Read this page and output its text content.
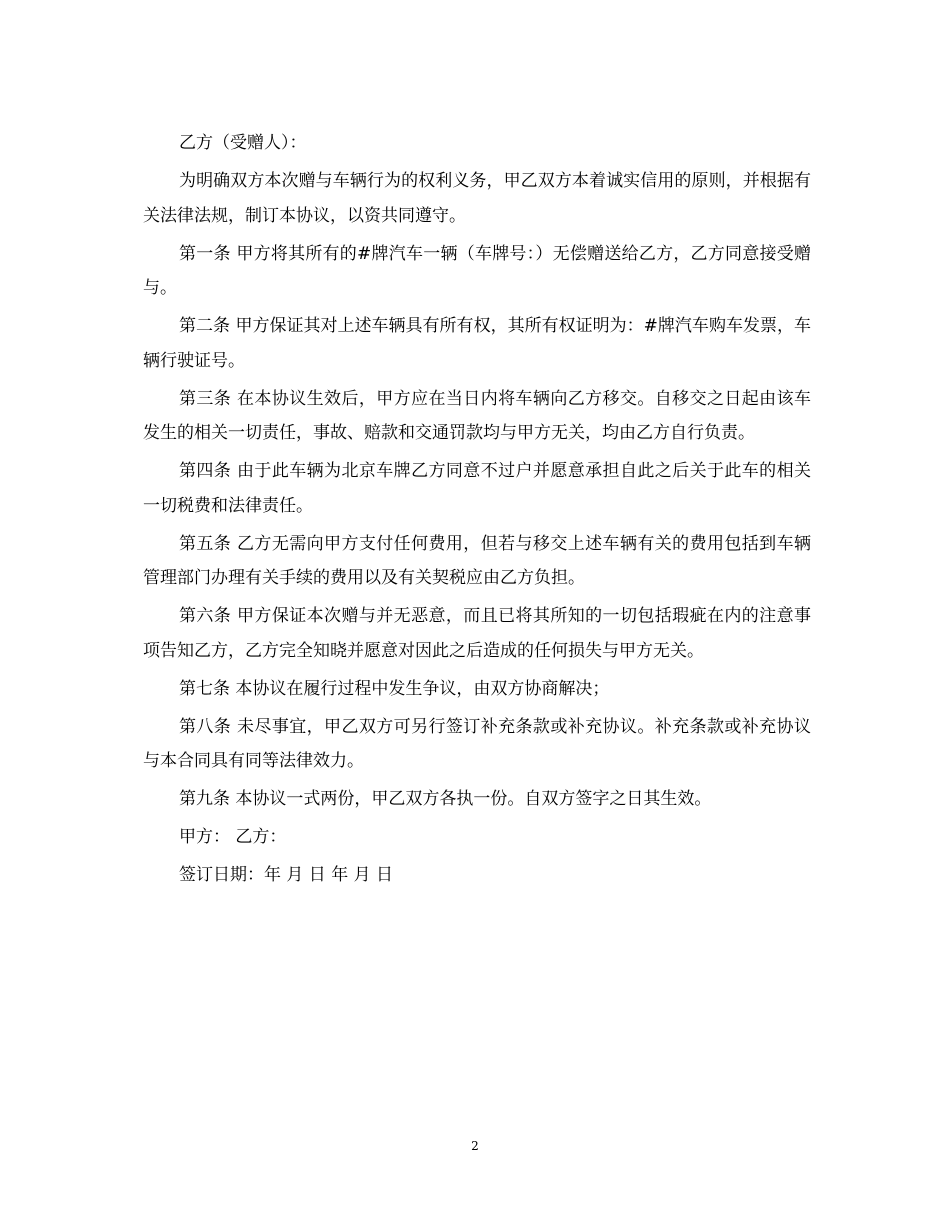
乙方（受赠人）：

为明确双方本次赠与车辆行为的权利义务，甲乙双方本着诚实信用的原则，并根据有关法律法规，制订本协议，以资共同遵守。

第一条 甲方将其所有的#牌汽车一辆（车牌号：）无偿赠送给乙方，乙方同意接受赠与。

第二条 甲方保证其对上述车辆具有所有权，其所有权证明为：#牌汽车购车发票，车辆行驶证号。

第三条 在本协议生效后，甲方应在当日内将车辆向乙方移交。自移交之日起由该车发生的相关一切责任，事故、赔款和交通罚款均与甲方无关，均由乙方自行负责。

第四条 由于此车辆为北京车牌乙方同意不过户并愿意承担自此之后关于此车的相关一切税费和法律责任。

第五条 乙方无需向甲方支付任何费用，但若与移交上述车辆有关的费用包括到车辆管理部门办理有关手续的费用以及有关契税应由乙方负担。

第六条 甲方保证本次赠与并无恶意，而且已将其所知的一切包括瑕疵在内的注意事项告知乙方，乙方完全知晓并愿意对因此之后造成的任何损失与甲方无关。

第七条 本协议在履行过程中发生争议，由双方协商解决；

第八条 未尽事宜，甲乙双方可另行签订补充条款或补充协议。补充条款或补充协议与本合同具有同等法律效力。

第九条 本协议一式两份，甲乙双方各执一份。自双方签字之日其生效。

甲方： 乙方：

签订日期：年 月 日 年 月 日

2
